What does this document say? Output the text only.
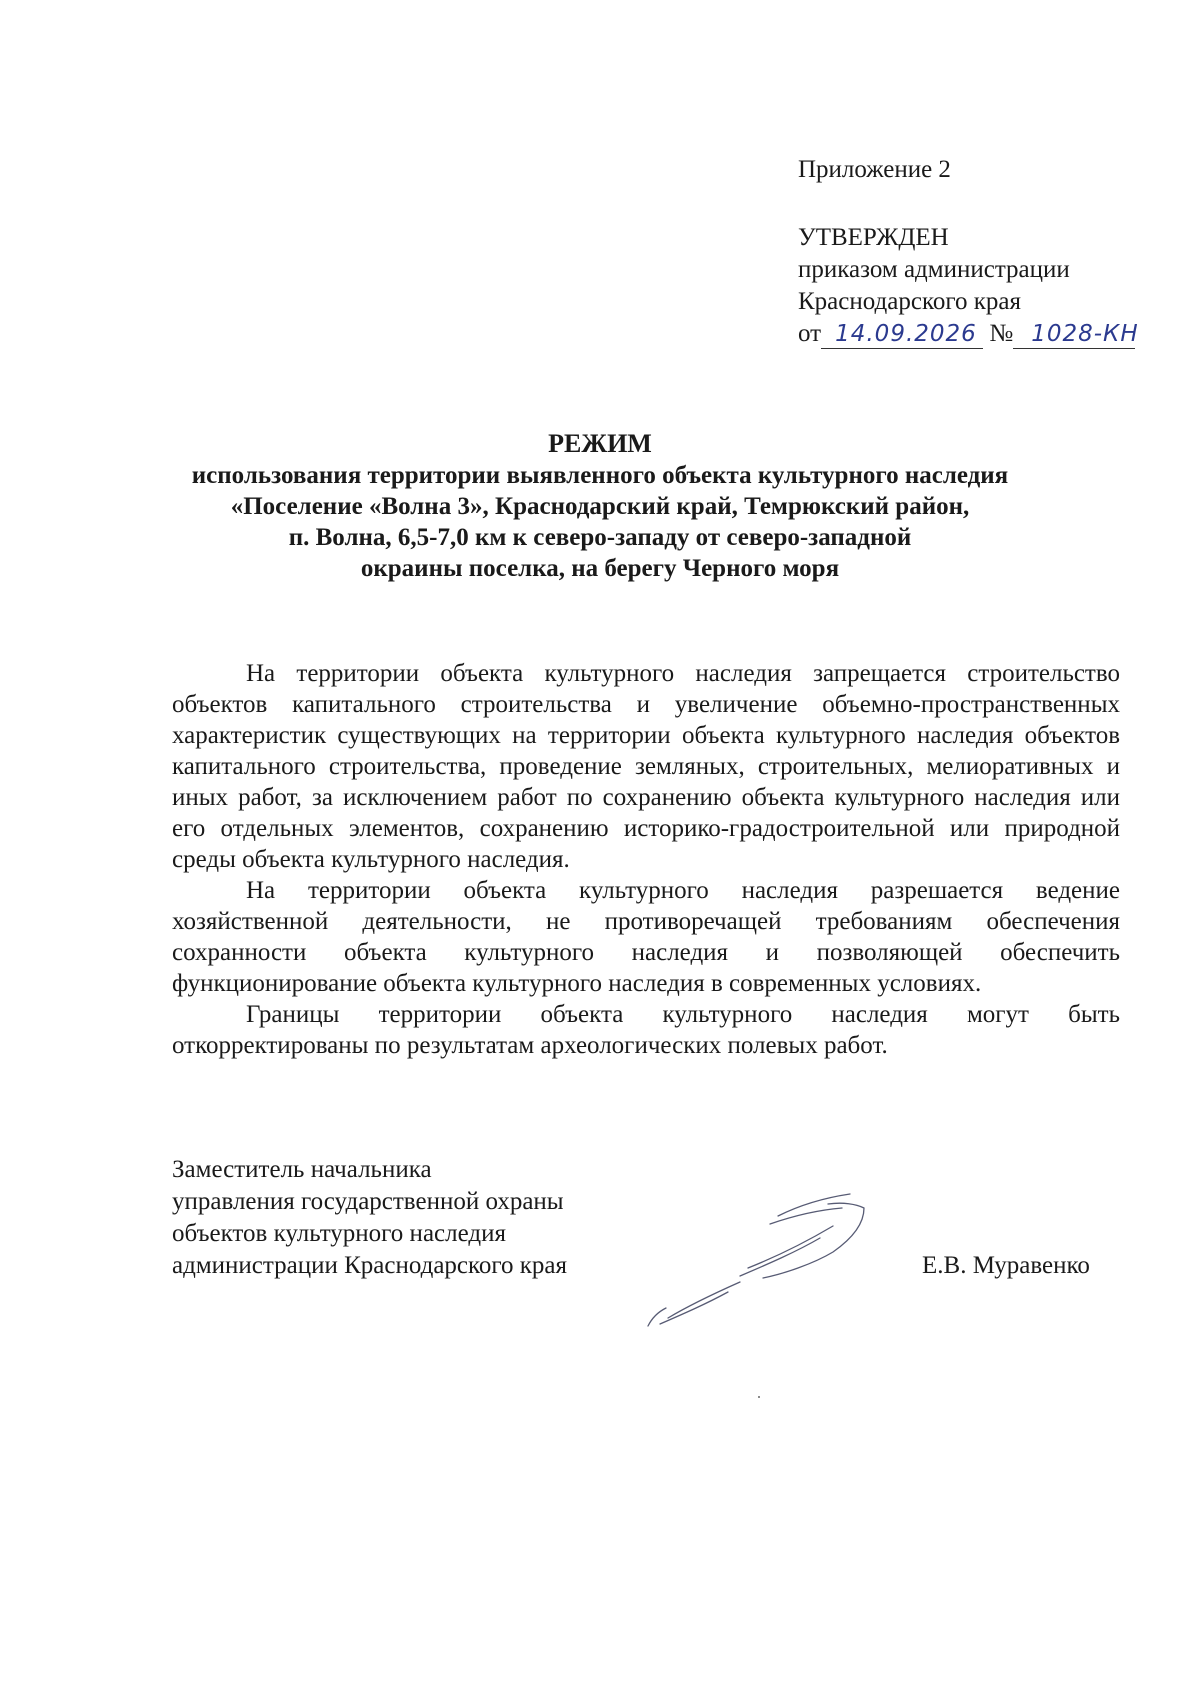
Приложение 2
УТВЕРЖДЕН
приказом администрации
Краснодарского края
от 14.09.2026 № 1028-КН
РЕЖИМ
использования территории выявленного объекта культурного наследия
«Поселение «Волна 3», Краснодарский край, Темрюкский район,
п. Волна, 6,5-7,0 км к северо-западу от северо-западной
окраины поселка, на берегу Черного моря

На территории объекта культурного наследия запрещается строительство объектов капитального строительства и увеличение объемно-пространственных характеристик существующих на территории объекта культурного наследия объектов капитального строительства, проведение земляных, строительных, мелиоративных и иных работ, за исключением работ по сохранению объекта культурного наследия или его отдельных элементов, сохранению историко-градостроительной или природной среды объекта культурного наследия.

На территории объекта культурного наследия разрешается ведение хозяйственной деятельности, не противоречащей требованиям обеспечения сохранности объекта культурного наследия и позволяющей обеспечить функционирование объекта культурного наследия в современных условиях.

Границы территории объекта культурного наследия могут быть откорректированы по результатам археологических полевых работ.

Заместитель начальника
управления государственной охраны
объектов культурного наследия
администрации Краснодарского края	Е.В. Муравенко
